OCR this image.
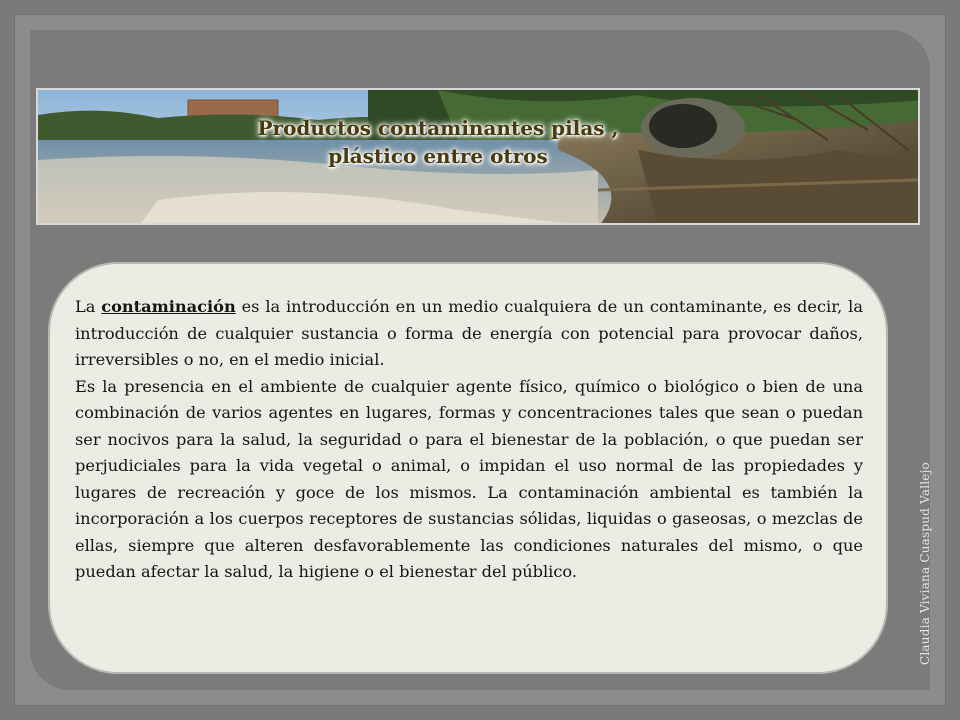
Productos contaminantes pilas ,
plástico entre otros

La contaminación es la introducción en un medio cualquiera de un contaminante, es decir, la introducción de cualquier sustancia o forma de energía con potencial para provocar daños, irreversibles o no, en el medio inicial.

Es la presencia en el ambiente de cualquier agente físico, químico o biológico o bien de una combinación de varios agentes en lugares, formas y concentraciones tales que sean o puedan ser nocivos para la salud, la seguridad o para el bienestar de la población, o que puedan ser perjudiciales para la vida vegetal o animal, o impidan el uso normal de las propiedades y lugares de recreación y goce de los mismos. La contaminación ambiental es también la incorporación a los cuerpos receptores de sustancias sólidas, liquidas o gaseosas, o mezclas de ellas, siempre que alteren desfavorablemente las condiciones naturales del mismo, o que puedan afectar la salud, la higiene o el bienestar del público.	Claudia Viviana Cuaspud Vallejo
